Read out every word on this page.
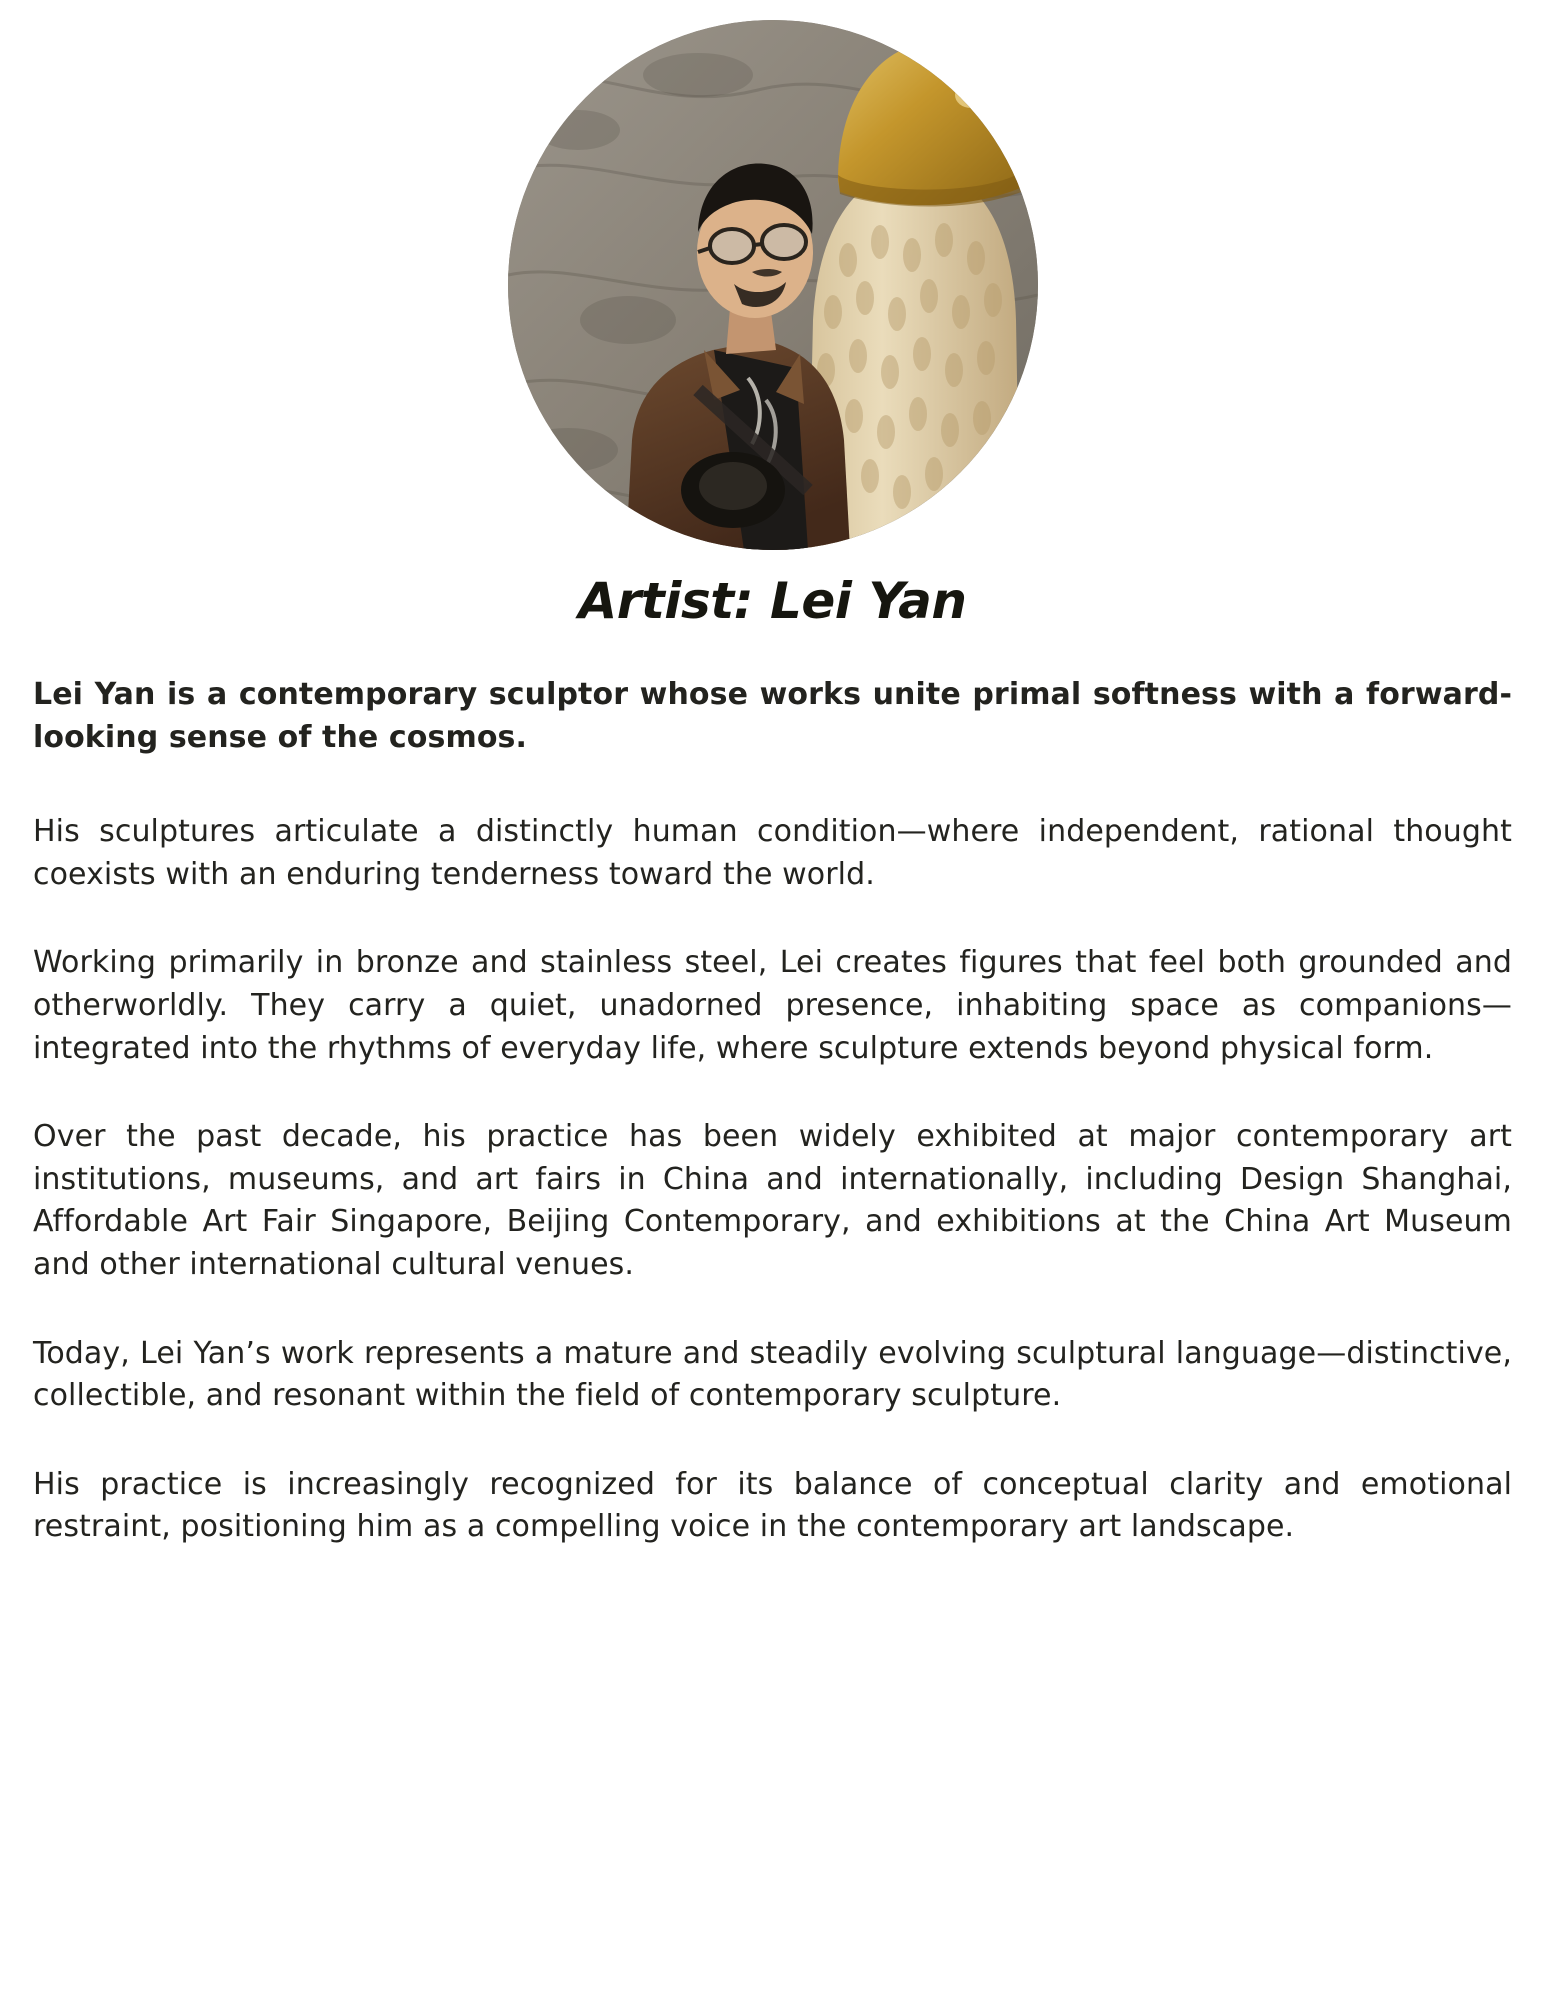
Artist: Lei Yan

Lei Yan is a contemporary sculptor whose works unite primal softness with a forward-looking sense of the cosmos.

His sculptures articulate a distinctly human condition—where independent, rational thought coexists with an enduring tenderness toward the world.

Working primarily in bronze and stainless steel, Lei creates figures that feel both grounded and otherworldly. They carry a quiet, unadorned presence, inhabiting space as companions—integrated into the rhythms of everyday life, where sculpture extends beyond physical form.

Over the past decade, his practice has been widely exhibited at major contemporary art institutions, museums, and art fairs in China and internationally, including Design Shanghai, Affordable Art Fair Singapore, Beijing Contemporary, and exhibitions at the China Art Museum and other international cultural venues.

Today, Lei Yan’s work represents a mature and steadily evolving sculptural language—distinctive, collectible, and resonant within the field of contemporary sculpture.

His practice is increasingly recognized for its balance of conceptual clarity and emotional restraint, positioning him as a compelling voice in the contemporary art landscape.
